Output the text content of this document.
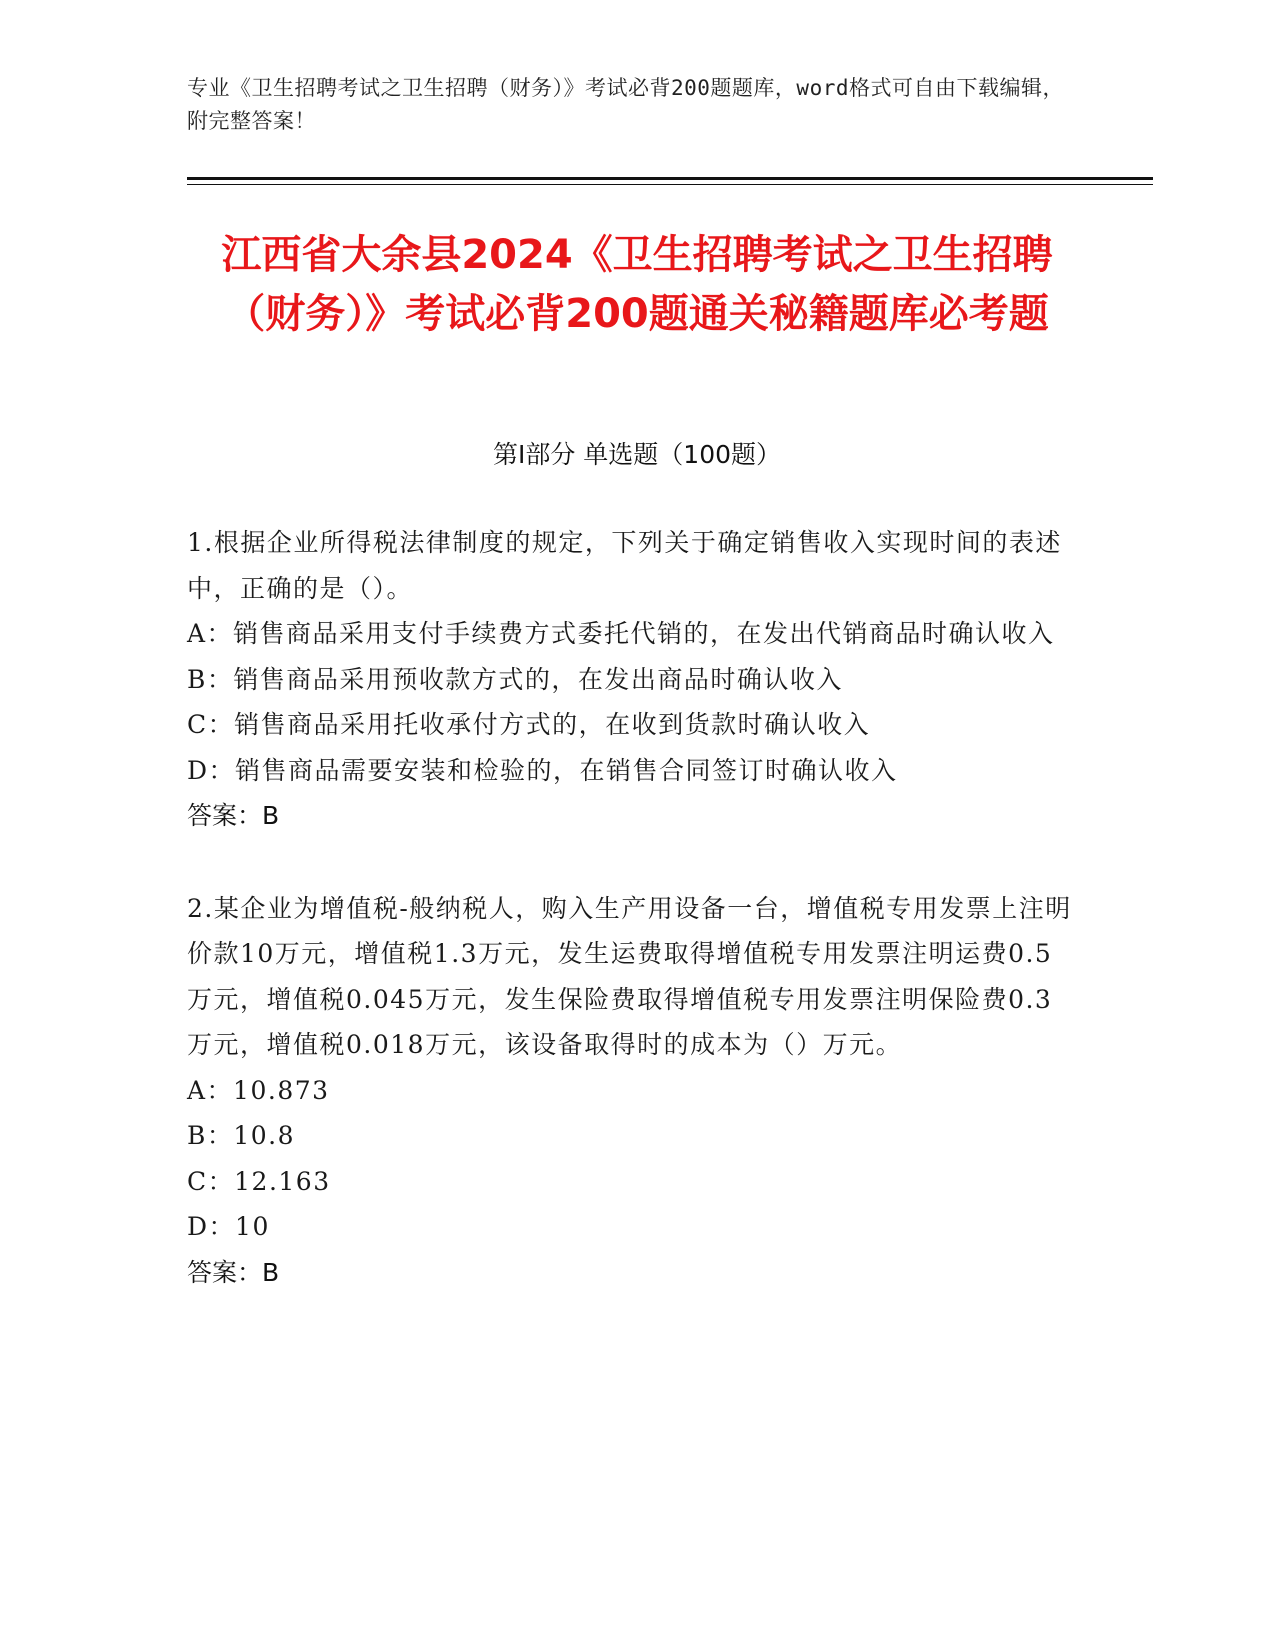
专业《卫生招聘考试之卫生招聘（财务）》考试必背200题题库，word格式可自由下载编辑，附完整答案！
江西省大余县2024《卫生招聘考试之卫生招聘（财务）》考试必背200题通关秘籍题库必考题
第I部分 单选题（100题）
1.根据企业所得税法律制度的规定，下列关于确定销售收入实现时间的表述中，正确的是（）。
A：销售商品采用支付手续费方式委托代销的，在发出代销商品时确认收入
B：销售商品采用预收款方式的，在发出商品时确认收入
C：销售商品采用托收承付方式的，在收到货款时确认收入
D：销售商品需要安装和检验的，在销售合同签订时确认收入
答案：B
2.某企业为增值税-般纳税人，购入生产用设备一台，增值税专用发票上注明价款10万元，增值税1.3万元，发生运费取得增值税专用发票注明运费0.5万元，增值税0.045万元，发生保险费取得增值税专用发票注明保险费0.3万元，增值税0.018万元，该设备取得时的成本为（）万元。
A：10.873
B：10.8
C：12.163
D：10
答案：B
